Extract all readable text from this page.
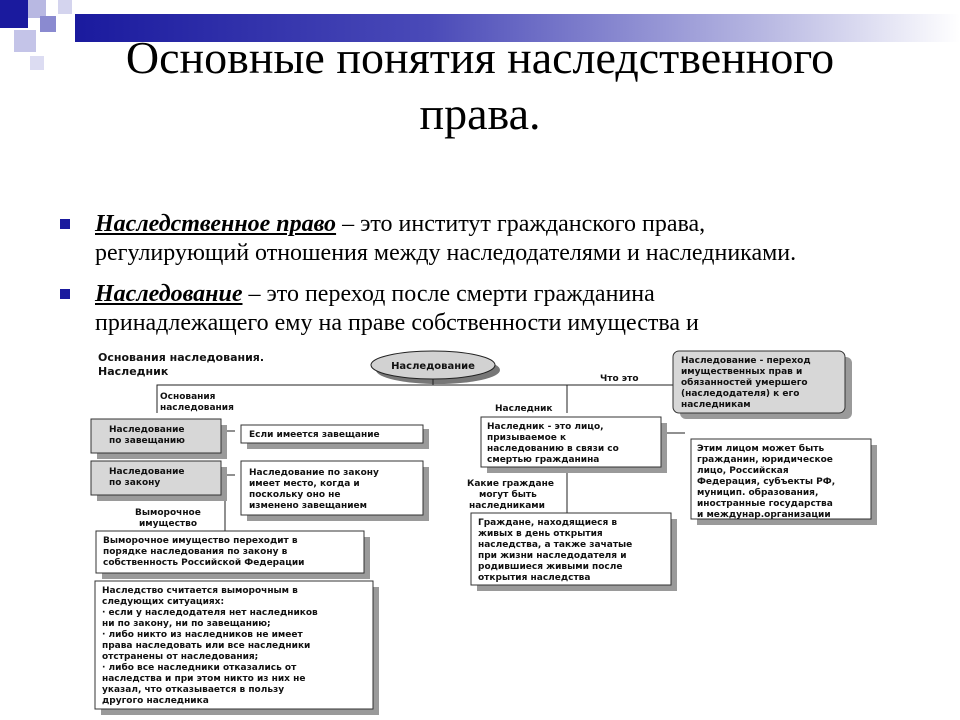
Основные понятия наследственного
права.
Наследственное право – это институт гражданского права,
регулирующий отношения между наследодателями и наследниками.
Наследование – это переход после смерти гражданина
принадлежащего ему на праве собственности имущества и
Основания наследования.
Наследник	Наследование
Что это
Наследование - переход
имущественных прав и
обязанностей умершего
(наследодателя) к его
наследникам
Основания
наследования
Наследование
по завещанию
Если имеется завещание
Наследование
по закону
Наследование по закону
имеет место, когда и
поскольку оно не
изменено завещанием
Выморочное
имущество
Выморочное имущество переходит в
порядке наследования по закону в
собственность Российской Федерации
Наследство считается выморочным в
следующих ситуациях:
· если у наследодателя нет наследников
ни по закону, ни по завещанию;
· либо никто из наследников не имеет
права наследовать или все наследники
отстранены от наследования;
· либо все наследники отказались от
наследства и при этом никто из них не
указал, что отказывается в пользу
другого наследника
Наследник
Наследник - это лицо,
призываемое к
наследованию в связи со
смертью гражданина
Какие граждане
могут быть
наследниками
Граждане, находящиеся в
живых в день открытия
наследства, а также зачатые
при жизни наследодателя и
родившиеся живыми после
открытия наследства
Этим лицом может быть
гражданин, юридическое
лицо, Российская
Федерация, субъекты РФ,
муницип. образования,
иностранные государства
и междунар.организации
